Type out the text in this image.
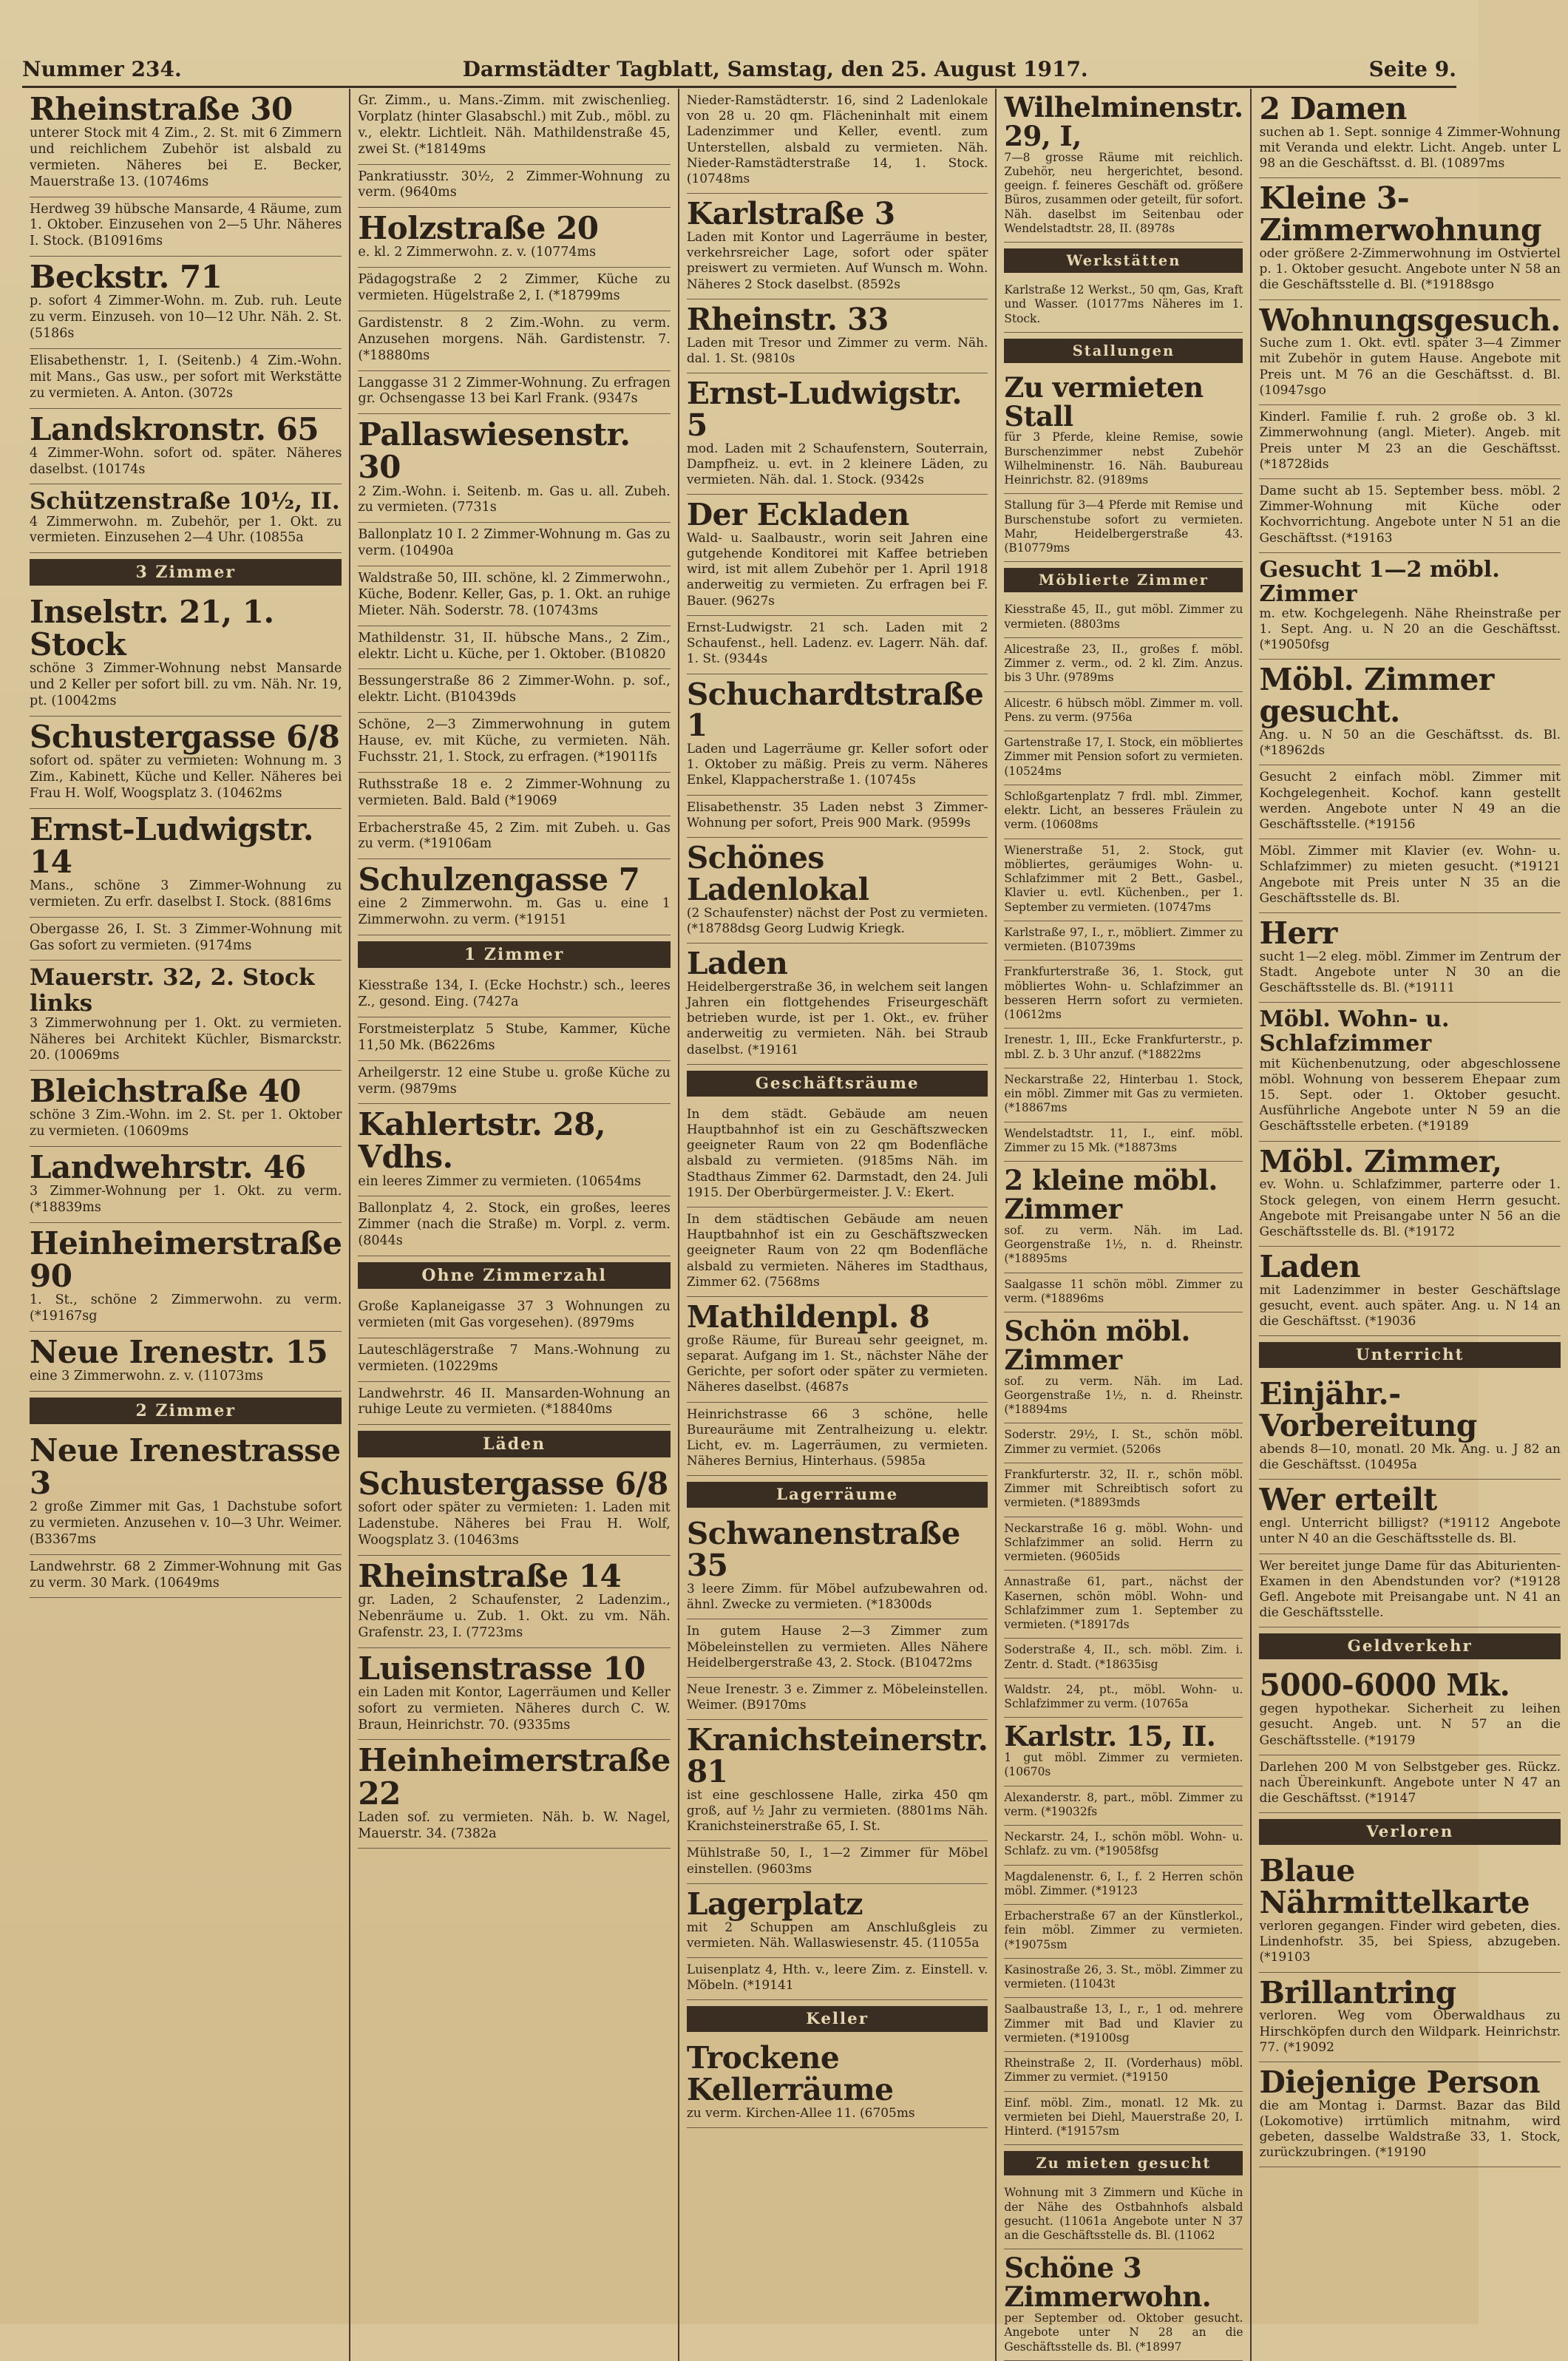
Nummer 234.	Darmstädter Tagblatt, Samstag, den 25. August 1917.	Seite 9.
Rheinstraße 30
unterer Stock mit 4 Zim., 2. St. mit 6 Zimmern und reichlichem Zubehör ist alsbald zu vermieten. Näheres bei E. Becker, Mauerstraße 13. (10746ms
Herdweg 39 hübsche Mansarde, 4 Räume, zum 1. Oktober. Einzusehen von 2—5 Uhr. Näheres I. Stock. (B10916ms
Beckstr. 71
p. sofort 4 Zimmer-Wohn. m. Zub. ruh. Leute zu verm. Einzuseh. von 10—12 Uhr. Näh. 2. St. (5186s
Elisabethenstr. 1, I. (Seitenb.) 4 Zim.-Wohn. mit Mans., Gas usw., per sofort mit Werkstätte zu vermieten. A. Anton. (3072s
Landskronstr. 65
4 Zimmer-Wohn. sofort od. später. Näheres daselbst. (10174s
Schützenstraße 10½, II.
4 Zimmerwohn. m. Zubehör, per 1. Okt. zu vermieten. Einzusehen 2—4 Uhr. (10855a
3 Zimmer
Inselstr. 21, 1. Stock
schöne 3 Zimmer-Wohnung nebst Mansarde und 2 Keller per sofort bill. zu vm. Näh. Nr. 19, pt. (10042ms
Schustergasse 6/8
sofort od. später zu vermieten: Wohnung m. 3 Zim., Kabinett, Küche und Keller. Näheres bei Frau H. Wolf, Woogsplatz 3. (10462ms
Ernst-Ludwigstr. 14
Mans., schöne 3 Zimmer-Wohnung zu vermieten. Zu erfr. daselbst I. Stock. (8816ms
Obergasse 26, I. St. 3 Zimmer-Wohnung mit Gas sofort zu vermieten. (9174ms
Mauerstr. 32, 2. Stock links
3 Zimmerwohnung per 1. Okt. zu vermieten. Näheres bei Architekt Küchler, Bismarckstr. 20. (10069ms
Bleichstraße 40
schöne 3 Zim.-Wohn. im 2. St. per 1. Oktober zu vermieten. (10609ms
Landwehrstr. 46
3 Zimmer-Wohnung per 1. Okt. zu verm. (*18839ms
Heinheimerstraße 90
1. St., schöne 2 Zimmerwohn. zu verm. (*19167sg
Neue Irenestr. 15
eine 3 Zimmerwohn. z. v. (11073ms
2 Zimmer
Neue Irenestrasse 3
2 große Zimmer mit Gas, 1 Dachstube sofort zu vermieten. Anzusehen v. 10—3 Uhr. Weimer. (B3367ms
Landwehrstr. 68 2 Zimmer-Wohnung mit Gas zu verm. 30 Mark. (10649ms
Gr. Zimm., u. Mans.-Zimm. mit zwischenlieg. Vorplatz (hinter Glasabschl.) mit Zub., möbl. zu v., elektr. Lichtleit. Näh. Mathildenstraße 45, zwei St. (*18149ms
Pankratiusstr. 30½, 2 Zimmer-Wohnung zu verm. (9640ms
Holzstraße 20
e. kl. 2 Zimmerwohn. z. v. (10774ms
Pädagogstraße 2 2 Zimmer, Küche zu vermieten. Hügelstraße 2, I. (*18799ms
Gardistenstr. 8 2 Zim.-Wohn. zu verm. Anzusehen morgens. Näh. Gardistenstr. 7. (*18880ms
Langgasse 31 2 Zimmer-Wohnung. Zu erfragen gr. Ochsengasse 13 bei Karl Frank. (9347s
Pallaswiesenstr. 30
2 Zim.-Wohn. i. Seitenb. m. Gas u. all. Zubeh. zu vermieten. (7731s
Ballonplatz 10 I. 2 Zimmer-Wohnung m. Gas zu verm. (10490a
Waldstraße 50, III. schöne, kl. 2 Zimmerwohn., Küche, Bodenr. Keller, Gas, p. 1. Okt. an ruhige Mieter. Näh. Soderstr. 78. (10743ms
Mathildenstr. 31, II. hübsche Mans., 2 Zim., elektr. Licht u. Küche, per 1. Oktober. (B10820
Bessungerstraße 86 2 Zimmer-Wohn. p. sof., elektr. Licht. (B10439ds
Schöne, 2—3 Zimmerwohnung in gutem Hause, ev. mit Küche, zu vermieten. Näh. Fuchsstr. 21, 1. Stock, zu erfragen. (*19011fs
Ruthsstraße 18 e. 2 Zimmer-Wohnung zu vermieten. Bald. Bald (*19069
Erbacherstraße 45, 2 Zim. mit Zubeh. u. Gas zu verm. (*19106am
Schulzengasse 7
eine 2 Zimmerwohn. m. Gas u. eine 1 Zimmerwohn. zu verm. (*19151
1 Zimmer
Kiesstraße 134, I. (Ecke Hochstr.) sch., leeres Z., gesond. Eing. (7427a
Forstmeisterplatz 5 Stube, Kammer, Küche 11,50 Mk. (B6226ms
Arheilgerstr. 12 eine Stube u. große Küche zu verm. (9879ms
Kahlertstr. 28, Vdhs.
ein leeres Zimmer zu vermieten. (10654ms
Ballonplatz 4, 2. Stock, ein großes, leeres Zimmer (nach die Straße) m. Vorpl. z. verm. (8044s
Ohne Zimmerzahl
Große Kaplaneigasse 37 3 Wohnungen zu vermieten (mit Gas vorgesehen). (8979ms
Lauteschlägerstraße 7 Mans.-Wohnung zu vermieten. (10229ms
Landwehrstr. 46 II. Mansarden-Wohnung an ruhige Leute zu vermieten. (*18840ms
Läden
Schustergasse 6/8
sofort oder später zu vermieten: 1. Laden mit Ladenstube. Näheres bei Frau H. Wolf, Woogsplatz 3. (10463ms
Rheinstraße 14
gr. Laden, 2 Schaufenster, 2 Ladenzim., Nebenräume u. Zub. 1. Okt. zu vm. Näh. Grafenstr. 23, I. (7723ms
Luisenstrasse 10
ein Laden mit Kontor, Lagerräumen und Keller sofort zu vermieten. Näheres durch C. W. Braun, Heinrichstr. 70. (9335ms
Heinheimerstraße 22
Laden sof. zu vermieten. Näh. b. W. Nagel, Mauerstr. 34. (7382a
Nieder-Ramstädterstr. 16, sind 2 Ladenlokale von 28 u. 20 qm. Flächeninhalt mit einem Ladenzimmer und Keller, eventl. zum Unterstellen, alsbald zu vermieten. Näh. Nieder-Ramstädterstraße 14, 1. Stock. (10748ms
Karlstraße 3
Laden mit Kontor und Lagerräume in bester, verkehrsreicher Lage, sofort oder später preiswert zu vermieten. Auf Wunsch m. Wohn. Näheres 2 Stock daselbst. (8592s
Rheinstr. 33
Laden mit Tresor und Zimmer zu verm. Näh. dal. 1. St. (9810s
Ernst-Ludwigstr. 5
mod. Laden mit 2 Schaufenstern, Souterrain, Dampfheiz. u. evt. in 2 kleinere Läden, zu vermieten. Näh. dal. 1. Stock. (9342s
Der Eckladen
Wald- u. Saalbaustr., worin seit Jahren eine gutgehende Konditorei mit Kaffee betrieben wird, ist mit allem Zubehör per 1. April 1918 anderweitig zu vermieten. Zu erfragen bei F. Bauer. (9627s
Ernst-Ludwigstr. 21 sch. Laden mit 2 Schaufenst., hell. Ladenz. ev. Lagerr. Näh. daf. 1. St. (9344s
Schuchardtstraße 1
Laden und Lagerräume gr. Keller sofort oder 1. Oktober zu mäßig. Preis zu verm. Näheres Enkel, Klappacherstraße 1. (10745s
Elisabethenstr. 35 Laden nebst 3 Zimmer-Wohnung per sofort, Preis 900 Mark. (9599s
Schönes Ladenlokal
(2 Schaufenster) nächst der Post zu vermieten. (*18788dsg Georg Ludwig Kriegk.
Laden
Heidelbergerstraße 36, in welchem seit langen Jahren ein flottgehendes Friseurgeschäft betrieben wurde, ist per 1. Okt., ev. früher anderweitig zu vermieten. Näh. bei Straub daselbst. (*19161
Geschäftsräume
In dem städt. Gebäude am neuen Hauptbahnhof ist ein zu Geschäftszwecken geeigneter Raum von 22 qm Bodenfläche alsbald zu vermieten. (9185ms Näh. im Stadthaus Zimmer 62. Darmstadt, den 24. Juli 1915. Der Oberbürgermeister. J. V.: Ekert.
In dem städtischen Gebäude am neuen Hauptbahnhof ist ein zu Geschäftszwecken geeigneter Raum von 22 qm Bodenfläche alsbald zu vermieten. Näheres im Stadthaus, Zimmer 62. (7568ms
Mathildenpl. 8
große Räume, für Bureau sehr geeignet, m. separat. Aufgang im 1. St., nächster Nähe der Gerichte, per sofort oder später zu vermieten. Näheres daselbst. (4687s
Heinrichstrasse 66 3 schöne, helle Bureauräume mit Zentralheizung u. elektr. Licht, ev. m. Lagerräumen, zu vermieten. Näheres Bernius, Hinterhaus. (5985a
Lagerräume
Schwanenstraße 35
3 leere Zimm. für Möbel aufzubewahren od. ähnl. Zwecke zu vermieten. (*18300ds
In gutem Hause 2—3 Zimmer zum Möbeleinstellen zu vermieten. Alles Nähere Heidelbergerstraße 43, 2. Stock. (B10472ms
Neue Irenestr. 3 e. Zimmer z. Möbeleinstellen. Weimer. (B9170ms
Kranichsteinerstr. 81
ist eine geschlossene Halle, zirka 450 qm groß, auf ½ Jahr zu vermieten. (8801ms Näh. Kranichsteinerstraße 65, I. St.
Mühlstraße 50, I., 1—2 Zimmer für Möbel einstellen. (9603ms
Lagerplatz
mit 2 Schuppen am Anschlußgleis zu vermieten. Näh. Wallaswiesenstr. 45. (11055a
Luisenplatz 4, Hth. v., leere Zim. z. Einstell. v. Möbeln. (*19141
Keller
Trockene Kellerräume
zu verm. Kirchen-Allee 11. (6705ms
Wilhelminenstr. 29, I,
7—8 grosse Räume mit reichlich. Zubehör, neu hergerichtet, besond. geeign. f. feineres Geschäft od. größere Büros, zusammen oder geteilt, für sofort. Näh. daselbst im Seitenbau oder Wendelstadtstr. 28, II. (8978s
Werkstätten
Karlstraße 12 Werkst., 50 qm, Gas, Kraft und Wasser. (10177ms Näheres im 1. Stock.
Stallungen
Zu vermieten Stall
für 3 Pferde, kleine Remise, sowie Burschenzimmer nebst Zubehör Wilhelminenstr. 16. Näh. Baubureau Heinrichstr. 82. (9189ms
Stallung für 3—4 Pferde mit Remise und Burschenstube sofort zu vermieten. Mahr, Heidelbergerstraße 43. (B10779ms
Möblierte Zimmer
Kiesstraße 45, II., gut möbl. Zimmer zu vermieten. (8803ms
Alicestraße 23, II., großes f. möbl. Zimmer z. verm., od. 2 kl. Zim. Anzus. bis 3 Uhr. (9789ms
Alicestr. 6 hübsch möbl. Zimmer m. voll. Pens. zu verm. (9756a
Gartenstraße 17, I. Stock, ein möbliertes Zimmer mit Pension sofort zu vermieten. (10524ms
Schloßgartenplatz 7 frdl. mbl. Zimmer, elektr. Licht, an besseres Fräulein zu verm. (10608ms
Wienerstraße 51, 2. Stock, gut möbliertes, geräumiges Wohn- u. Schlafzimmer mit 2 Bett., Gasbel., Klavier u. evtl. Küchenben., per 1. September zu vermieten. (10747ms
Karlstraße 97, I., r., möbliert. Zimmer zu vermieten. (B10739ms
Frankfurterstraße 36, 1. Stock, gut möbliertes Wohn- u. Schlafzimmer an besseren Herrn sofort zu vermieten. (10612ms
Irenestr. 1, III., Ecke Frankfurterstr., p. mbl. Z. b. 3 Uhr anzuf. (*18822ms
Neckarstraße 22, Hinterbau 1. Stock, ein möbl. Zimmer mit Gas zu vermieten. (*18867ms
Wendelstadtstr. 11, I., einf. möbl. Zimmer zu 15 Mk. (*18873ms
2 kleine möbl. Zimmer
sof. zu verm. Näh. im Lad. Georgenstraße 1½, n. d. Rheinstr. (*18895ms
Saalgasse 11 schön möbl. Zimmer zu verm. (*18896ms
Schön möbl. Zimmer
sof. zu verm. Näh. im Lad. Georgenstraße 1½, n. d. Rheinstr. (*18894ms
Soderstr. 29½, I. St., schön möbl. Zimmer zu vermiet. (5206s
Frankfurterstr. 32, II. r., schön möbl. Zimmer mit Schreibtisch sofort zu vermieten. (*18893mds
Neckarstraße 16 g. möbl. Wohn- und Schlafzimmer an solid. Herrn zu vermieten. (9605ids
Annastraße 61, part., nächst der Kasernen, schön möbl. Wohn- und Schlafzimmer zum 1. September zu vermieten. (*18917ds
Soderstraße 4, II., sch. möbl. Zim. i. Zentr. d. Stadt. (*18635isg
Waldstr. 24, pt., möbl. Wohn- u. Schlafzimmer zu verm. (10765a
Karlstr. 15, II.
1 gut möbl. Zimmer zu vermieten. (10670s
Alexanderstr. 8, part., möbl. Zimmer zu verm. (*19032fs
Neckarstr. 24, I., schön möbl. Wohn- u. Schlafz. zu vm. (*19058fsg
Magdalenenstr. 6, I., f. 2 Herren schön möbl. Zimmer. (*19123
Erbacherstraße 67 an der Künstlerkol., fein möbl. Zimmer zu vermieten. (*19075sm
Kasinostraße 26, 3. St., möbl. Zimmer zu vermieten. (11043t
Saalbaustraße 13, I., r., 1 od. mehrere Zimmer mit Bad und Klavier zu vermieten. (*19100sg
Rheinstraße 2, II. (Vorderhaus) möbl. Zimmer zu vermiet. (*19150
Einf. möbl. Zim., monatl. 12 Mk. zu vermieten bei Diehl, Mauerstraße 20, I. Hinterd. (*19157sm
Zu mieten gesucht
Wohnung mit 3 Zimmern und Küche in der Nähe des Ostbahnhofs alsbald gesucht. (11061a Angebote unter N 37 an die Geschäftsstelle ds. Bl. (11062
Schöne 3 Zimmerwohn.
per September od. Oktober gesucht. Angebote unter N 28 an die Geschäftsstelle ds. Bl. (*18997
2 Damen
suchen ab 1. Sept. sonnige 4 Zimmer-Wohnung mit Veranda und elektr. Licht. Angeb. unter L 98 an die Geschäftsst. d. Bl. (10897ms
Kleine 3-Zimmerwohnung
oder größere 2-Zimmerwohnung im Ostviertel p. 1. Oktober gesucht. Angebote unter N 58 an die Geschäftsstelle d. Bl. (*19188sgo
Wohnungsgesuch.
Suche zum 1. Okt. evtl. später 3—4 Zimmer mit Zubehör in gutem Hause. Angebote mit Preis unt. M 76 an die Geschäftsst. d. Bl. (10947sgo
Kinderl. Familie f. ruh. 2 große ob. 3 kl. Zimmerwohnung (angl. Mieter). Angeb. mit Preis unter M 23 an die Geschäftsst. (*18728ids
Dame sucht ab 15. September bess. möbl. 2 Zimmer-Wohnung mit Küche oder Kochvorrichtung. Angebote unter N 51 an die Geschäftsst. (*19163
Gesucht 1—2 möbl. Zimmer
m. etw. Kochgelegenh. Nähe Rheinstraße per 1. Sept. Ang. u. N 20 an die Geschäftsst. (*19050fsg
Möbl. Zimmer gesucht.
Ang. u. N 50 an die Geschäftsst. ds. Bl. (*18962ds
Gesucht 2 einfach möbl. Zimmer mit Kochgelegenheit. Kochof. kann gestellt werden. Angebote unter N 49 an die Geschäftsstelle. (*19156
Möbl. Zimmer mit Klavier (ev. Wohn- u. Schlafzimmer) zu mieten gesucht. (*19121 Angebote mit Preis unter N 35 an die Geschäftsstelle ds. Bl.
Herr
sucht 1—2 eleg. möbl. Zimmer im Zentrum der Stadt. Angebote unter N 30 an die Geschäftsstelle ds. Bl. (*19111
Möbl. Wohn- u. Schlafzimmer
mit Küchenbenutzung, oder abgeschlossene möbl. Wohnung von besserem Ehepaar zum 15. Sept. oder 1. Oktober gesucht. Ausführliche Angebote unter N 59 an die Geschäftsstelle erbeten. (*19189
Möbl. Zimmer,
ev. Wohn. u. Schlafzimmer, parterre oder 1. Stock gelegen, von einem Herrn gesucht. Angebote mit Preisangabe unter N 56 an die Geschäftsstelle ds. Bl. (*19172
Laden
mit Ladenzimmer in bester Geschäftslage gesucht, event. auch später. Ang. u. N 14 an die Geschäftsst. (*19036
Unterricht
Einjähr.-Vorbereitung
abends 8—10, monatl. 20 Mk. Ang. u. J 82 an die Geschäftsst. (10495a
Wer erteilt
engl. Unterricht billigst? (*19112 Angebote unter N 40 an die Geschäftsstelle ds. Bl.
Wer bereitet junge Dame für das Abiturienten-Examen in den Abendstunden vor? (*19128 Gefl. Angebote mit Preisangabe unt. N 41 an die Geschäftsstelle.
Geldverkehr
5000-6000 Mk.
gegen hypothekar. Sicherheit zu leihen gesucht. Angeb. unt. N 57 an die Geschäftsstelle. (*19179
Darlehen 200 M von Selbstgeber ges. Rückz. nach Übereinkunft. Angebote unter N 47 an die Geschäftsst. (*19147
Verloren
Blaue Nährmittelkarte
verloren gegangen. Finder wird gebeten, dies. Lindenhofstr. 35, bei Spiess, abzugeben. (*19103
Brillantring
verloren. Weg vom Oberwaldhaus zu Hirschköpfen durch den Wildpark. Heinrichstr. 77. (*19092
Diejenige Person
die am Montag i. Darmst. Bazar das Bild (Lokomotive) irrtümlich mitnahm, wird gebeten, dasselbe Waldstraße 33, 1. Stock, zurückzubringen. (*19190
